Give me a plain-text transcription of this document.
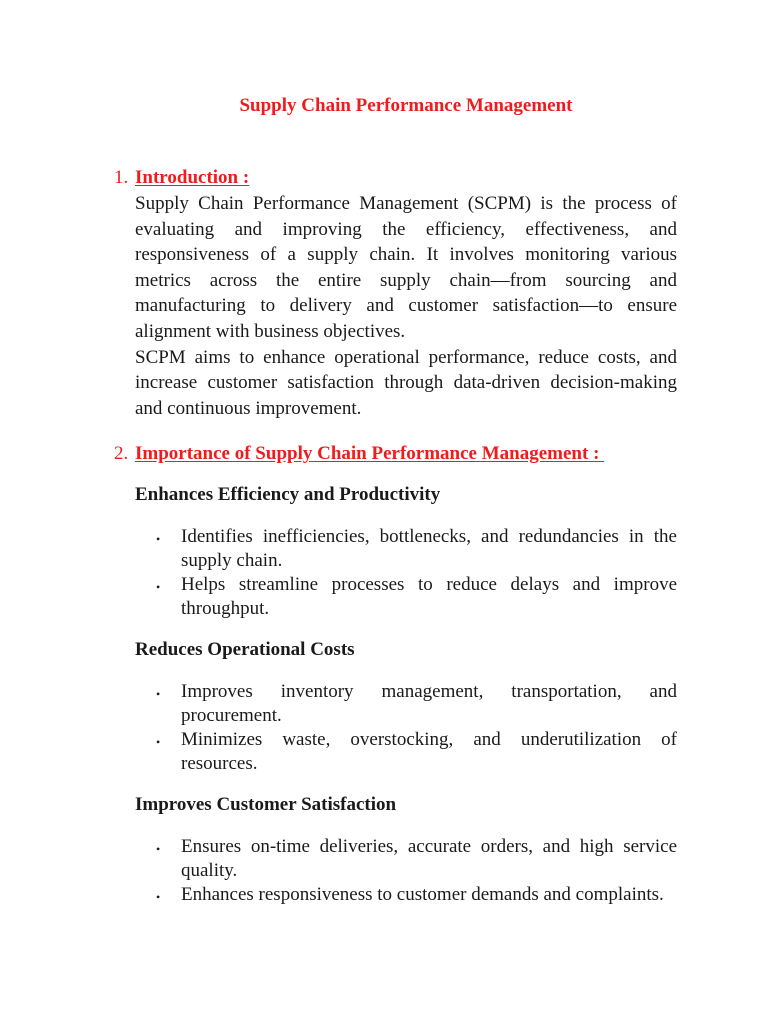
Supply Chain Performance Management
1. Introduction :

Supply Chain Performance Management (SCPM) is the process of evaluating and improving the efficiency, effectiveness, and responsiveness of a supply chain. It involves monitoring various metrics across the entire supply chain—from sourcing and manufacturing to delivery and customer satisfaction—to ensure alignment with business objectives.

SCPM aims to enhance operational performance, reduce costs, and increase customer satisfaction through data-driven decision-making and continuous improvement.

2. Importance of Supply Chain Performance Management :
Enhances Efficiency and Productivity
• Identifies inefficiencies, bottlenecks, and redundancies in the supply chain.
• Helps streamline processes to reduce delays and improve throughput.
Reduces Operational Costs
• Improves inventory management, transportation, and procurement.
• Minimizes waste, overstocking, and underutilization of resources.
Improves Customer Satisfaction
• Ensures on-time deliveries, accurate orders, and high service quality.
• Enhances responsiveness to customer demands and complaints.
